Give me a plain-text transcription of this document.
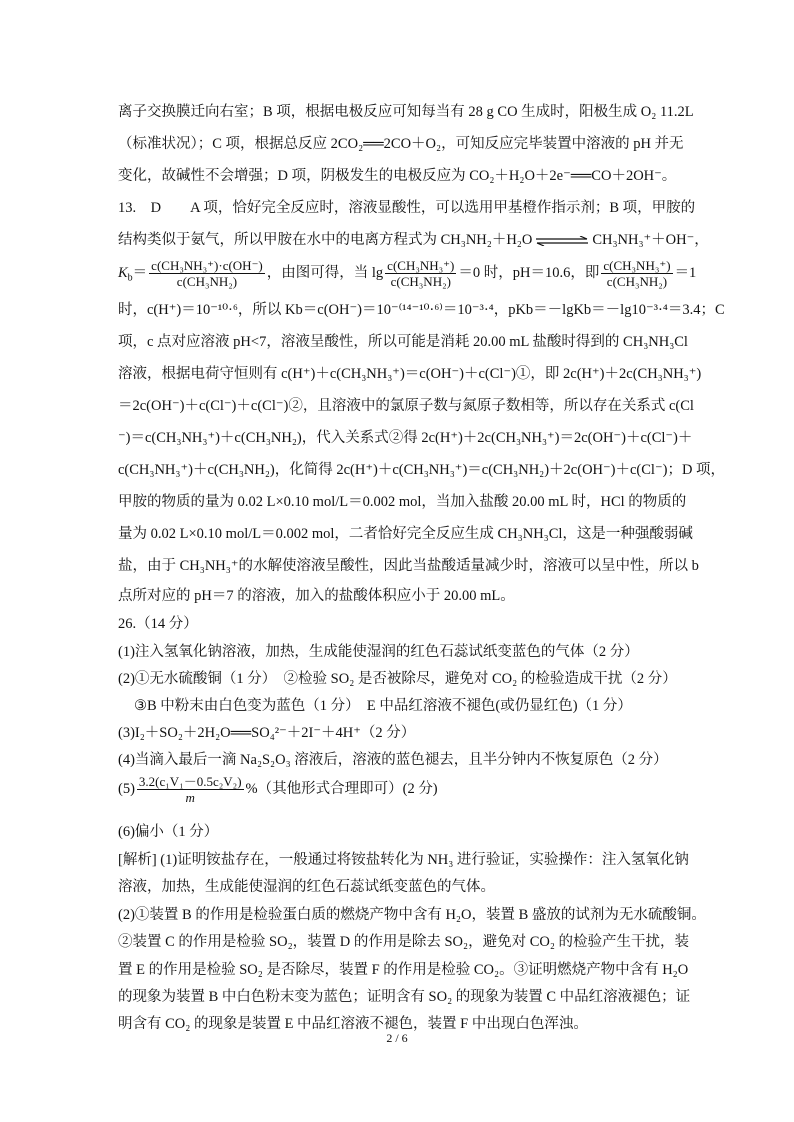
离子交换膜迁向右室；B 项，根据电极反应可知每当有 28 g CO 生成时，阳极生成 O₂ 11.2L
（标准状况）；C 项，根据总反应 2CO₂══2CO＋O₂，可知反应完毕装置中溶液的 pH 并无
变化，故碱性不会增强；D 项，阴极发生的电极反应为 CO₂＋H₂O＋2e⁻══CO＋2OH⁻。
13.　D　　A 项，恰好完全反应时，溶液显酸性，可以选用甲基橙作指示剂；B 项，甲胺的
结构类似于氨气，所以甲胺在水中的电离方程式为 CH₃NH₂＋H₂O ⇌ CH₃NH₃⁺＋OH⁻，
$K_b= \frac{\text{c(CH₃NH₃⁺)·c(OH⁻)}}{\text{c(CH₃NH₂)}}$ ，由图可得，当 $\lg \frac{\text{c(CH₃NH₃⁺)}}{\text{c(CH₃NH₂)}} =0$ 时，pH＝10.6，即 $\frac{\text{c(CH₃NH₃⁺)}}{\text{c(CH₃NH₂)}} =1$
时，c(H⁺)＝10⁻¹⁰·⁶，所以 Kb＝c(OH⁻)＝10⁻⁽¹⁴⁻¹⁰·⁶⁾＝10⁻³·⁴，pKb＝－lgKb＝－lg10⁻³·⁴＝3.4；C
项，c 点对应溶液 pH<7，溶液呈酸性，所以可能是消耗 20.00 mL 盐酸时得到的 CH₃NH₃Cl
溶液，根据电荷守恒则有 c(H⁺)＋c(CH₃NH₃⁺)＝c(OH⁻)＋c(Cl⁻)①，即 2c(H⁺)＋2c(CH₃NH₃⁺)
＝2c(OH⁻)＋c(Cl⁻)＋c(Cl⁻)②，且溶液中的氯原子数与氮原子数相等，所以存在关系式 c(Cl
⁻)＝c(CH₃NH₃⁺)＋c(CH₃NH₂)，代入关系式②得 2c(H⁺)＋2c(CH₃NH₃⁺)＝2c(OH⁻)＋c(Cl⁻)＋
c(CH₃NH₃⁺)＋c(CH₃NH₂)，化简得 2c(H⁺)＋c(CH₃NH₃⁺)＝c(CH₃NH₂)＋2c(OH⁻)＋c(Cl⁻)；D 项，
甲胺的物质的量为 0.02 L×0.10 mol/L＝0.002 mol，当加入盐酸 20.00 mL 时，HCl 的物质的
量为 0.02 L×0.10 mol/L＝0.002 mol，二者恰好完全反应生成 CH₃NH₃Cl，这是一种强酸弱碱
盐，由于 CH₃NH₃⁺的水解使溶液呈酸性，因此当盐酸适量减少时，溶液可以呈中性，所以 b
点所对应的 pH＝7 的溶液，加入的盐酸体积应小于 20.00 mL。
26.（14 分）
(1)注入氢氧化钠溶液，加热，生成能使湿润的红色石蕊试纸变蓝色的气体（2 分）
(2)①无水硫酸铜（1 分）　②检验 SO₂ 是否被除尽，避免对 CO₂ 的检验造成干扰（2 分）
③B 中粉末由白色变为蓝色（1 分）　E 中品红溶液不褪色(或仍显红色)（1 分）
(3)I₂＋SO₂＋2H₂O══SO₄²⁻＋2I⁻＋4H⁺（2 分）
(4)当滴入最后一滴 Na₂S₂O₃ 溶液后，溶液的蓝色褪去，且半分钟内不恢复原色（2 分）
$(5) \frac{\text{3.2(c₁V₁－0.5c₂V₂)}}{m}$ %（其他形式合理即可）(2 分)
(6)偏小（1 分）
[解析] (1)证明铵盐存在，一般通过将铵盐转化为 NH₃ 进行验证，实验操作：注入氢氧化钠
溶液，加热，生成能使湿润的红色石蕊试纸变蓝色的气体。
(2)①装置 B 的作用是检验蛋白质的燃烧产物中含有 H₂O，装置 B 盛放的试剂为无水硫酸铜。
②装置 C 的作用是检验 SO₂，装置 D 的作用是除去 SO₂，避免对 CO₂ 的检验产生干扰，装
置 E 的作用是检验 SO₂ 是否除尽，装置 F 的作用是检验 CO₂。③证明燃烧产物中含有 H₂O
的现象为装置 B 中白色粉末变为蓝色；证明含有 SO₂ 的现象为装置 C 中品红溶液褪色；证
明含有 CO₂ 的现象是装置 E 中品红溶液不褪色，装置 F 中出现白色浑浊。
2 / 6
